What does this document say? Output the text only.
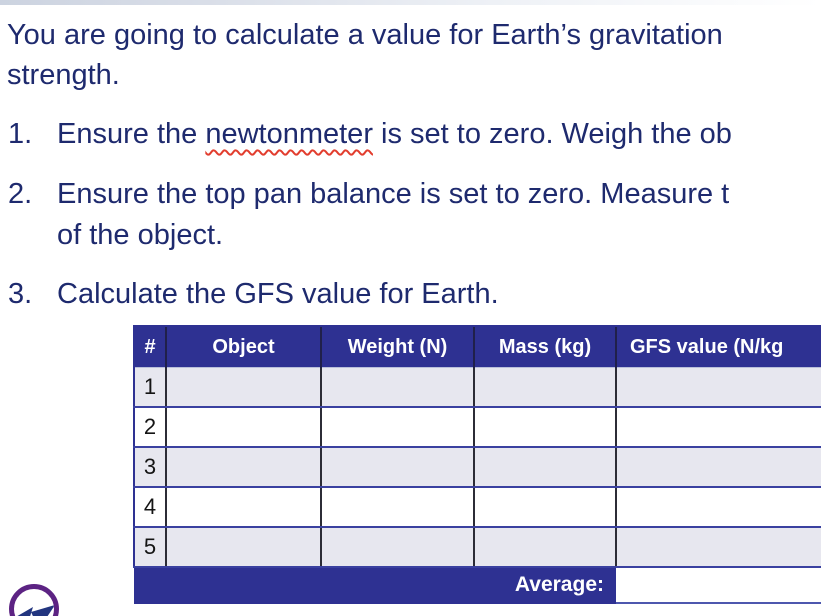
You are going to calculate a value for Earth’s gravitation
strength.
1. Ensure the newtonmeter is set to zero. Weigh the ob
2. Ensure the top pan balance is set to zero. Measure t
of the object.
3. Calculate the GFS value for Earth.
#	Object	Weight (N)	Mass (kg)	GFS value (N/kg
1				
2				
3				
4				
5				
Average:				
